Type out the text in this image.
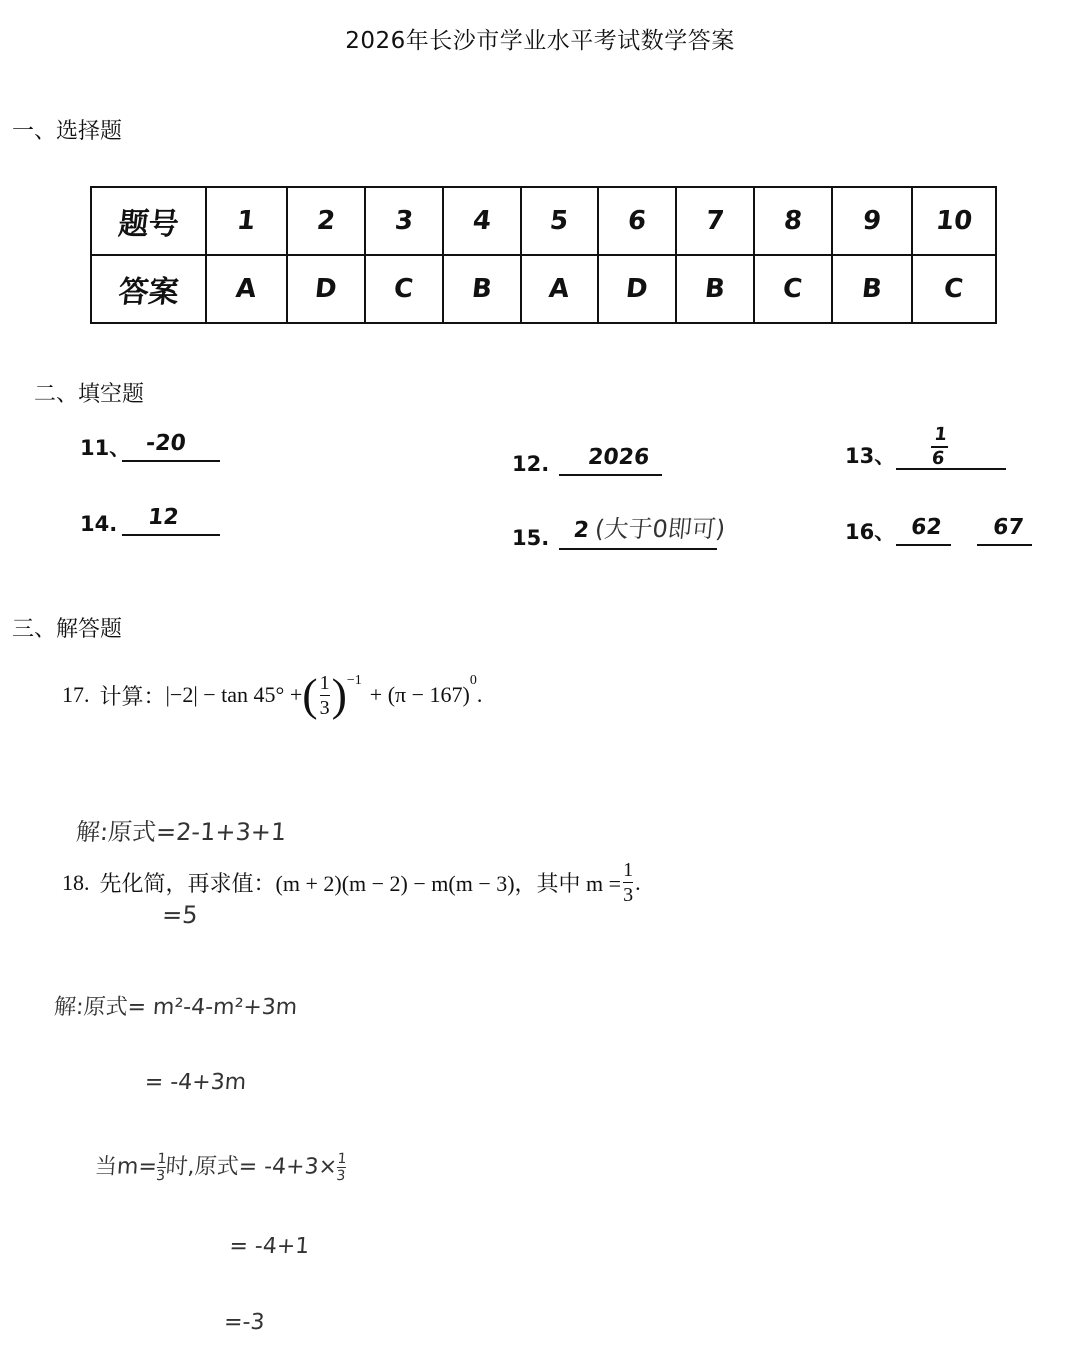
2026年长沙市学业水平考试数学答案
一、选择题
题号	1	2	3	4	5	6	7	8	9	10
答案	A	D	C	B	A	D	B	C	B	C
二、填空题
11、 -20
12. 2026	13、 $\frac{1}{6}$
14. 12
15. 2 (大于0即可)	16、 62 67
三、解答题
17. 计算： |−2| − tan 45° + ( $\frac{1}{3}$ ) −1
+ (π − 167)
0
.

解:原式=2-1+3+1

=5

18. 先化简，再求值： (m + 2)(m − 2) − m(m − 3)，其中 $m = \frac{1}{3}$ .

解:原式= m²-4-m²+3m

= -4+3m

当m=
$\frac{1}{3}$
时,原式= -4+3×
$\frac{1}{3}$

= -4+1

=-3
